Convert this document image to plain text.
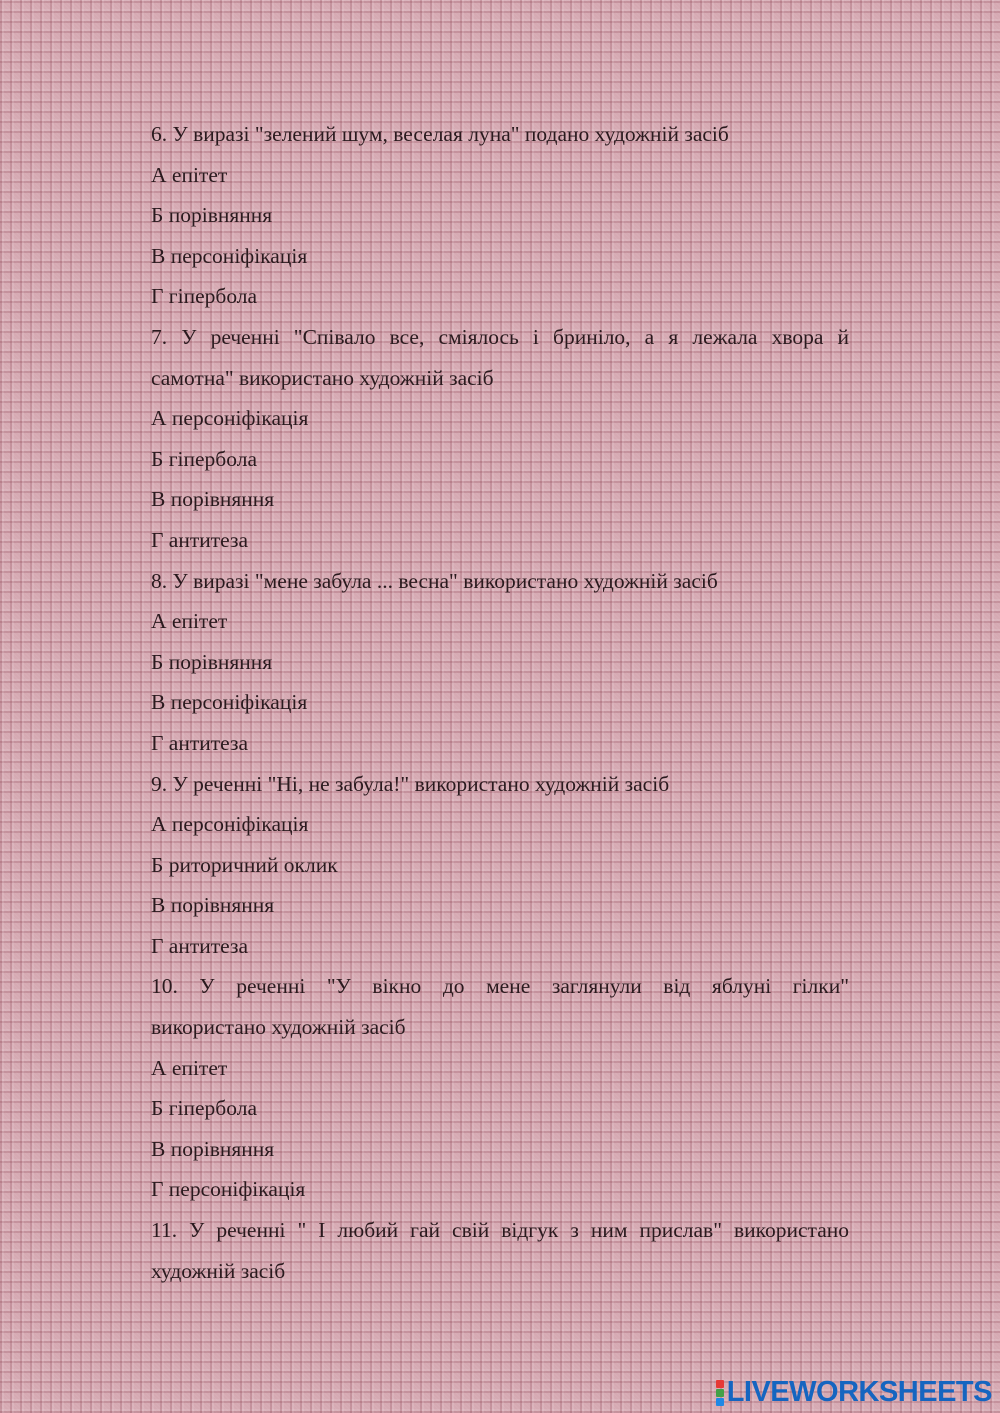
6. У виразі "зелений шум, веселая луна" подано художній засіб
А епітет
Б порівняння
В персоніфікація
Г гіпербола
7. У реченні "Співало все, сміялось і бриніло, а я лежала хвора й
самотна" використано художній засіб
А персоніфікація
Б гіпербола
В порівняння
Г антитеза
8. У виразі "мене забула ... весна" використано художній засіб
А епітет
Б порівняння
В персоніфікація
Г антитеза
9. У реченні "Ні, не забула!" використано художній засіб
А персоніфікація
Б риторичний оклик
В порівняння
Г антитеза
10. У реченні "У вікно до мене заглянули від яблуні гілки"
використано художній засіб
А епітет
Б гіпербола
В порівняння
Г персоніфікація
11. У реченні " І любий гай свій відгук з ним прислав" використано
художній засіб
LIVEWORKSHEETS
